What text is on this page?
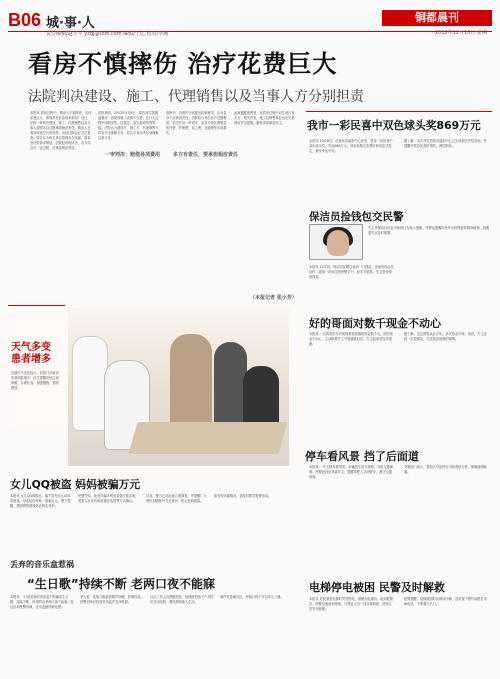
B06 城·事·人
责任编辑/赵宇平 yzgj@tom.com 编辑/王亿 校对/李湘
铜都晨刊
2012年12月10日 星期一
看房不慎摔伤 治疗花费巨大
法院判决建设、施工、代理销售以及当事人方分别担责
本报讯 看房过程中，购房人不慎摔伤，治疗花费巨大，事故责任应由谁来承担？近日，法院一审判决建设、施工、代理销售以及当事人按照各自过错承担相应责任。购房人在看房时踩空台阶受伤，后经住院治疗多次复查。原告认为相关单位管理存在疏漏，遂诉至法院请求赔偿。法院经审理认为，各方均存在一定过错，应承担相应责任。
法院查明，2012年4月8日，原告前往某楼盘看房，因现场施工设施不完善，在行走过程中摔倒受伤。经鉴定，原告构成伤残等级。法院认为建设方、施工方、代理销售方均有安全保障义务，原告自身亦未尽到谨慎注意义务。
一审判决：赔偿各项费用
庭审中，各被告分别提出抗辩意见，认为自身不应承担责任。法院综合考虑各方过错程度，依法作出一审判决，由各方按比例赔偿医疗费、护理费、误工费、交通费等各项损失。	多方有责任，要承担相应责任
此案提醒消费者，在看房过程中应注意自身安全；相关开发、施工及销售单位也应完善现场安全措施，避免类似事故发生。
（本报记者 张小芳）
我市一彩民喜中双色球头奖869万元
本报讯 10月8日，记者从市福彩中心获悉，我市一彩民喜中双色球头奖，奖金869万元。该彩民购买彩票时使用复式投注，最终幸运中奖。
据了解，本次开奖后我市福彩中心已完成相关兑奖咨询，并提醒中奖彩民及时领奖，理性购彩。
保洁员捡钱包交民警
本报讯 12月初，保洁员在路边捡到一只钱包，里面有现金及证件。她第一时间交到民警手中，经多方联系，失主很快领回钱包。
失主对保洁员拾金不昧的行为表示感谢。民警也提醒市民外出时保管好随身财物，如遇遗失应及时报警。
好的哥面对数千现金不动心
本报讯 一名的哥在车内发现乘客遗落的现金数千元，面对现金不动心，主动联系失主并将钱款归还。失主赶来后连声道谢。
据了解，这位的哥从业多年，多次拾金不昧。他说，失主丢钱一定很着急，归还是应该做的事情。
天气多变 患者增多
近期天气变化较大，医院门诊就诊患者明显增多，医生提醒市民注意保暖，合理饮食，加强锻炼，预防感冒。
女儿QQ被盗 妈妈被骗万元
本报讯 女儿QQ被盗后，骗子冒充女儿向母亲借钱，母亲轻信转账，被骗万元。警方提醒，遇到网络借钱务必核实身份。
民警介绍，此类诈骗多利用亲情关系实施，受害人应在转账前通过电话等方式确认。
目前，警方已对此案立案调查，并提醒广大网民加强账号安全意识，防止密码泄露。
如发现可疑情况，请及时拨打报警电话。
停车看风景 挡了后面道
本报讯 一车主停车看风景，车辆挡住后方道路，导致交通拥堵。民警赶到后劝离车主，提醒驾驶人文明停车，遵守交通规则。
交警部门表示，将加大对违停行为的查处力度，保障道路畅通。
丢弃的音乐盒惹祸
“生日歌”持续不断 老两口夜不能寐
本报讯 一只被丢弃的音乐盒不断播放生日歌，持续不断，吵得附近老两口夜不能寐。经社区和民警协调，音乐盒最终被处理。
老人说，连续几晚都被歌声吵醒，影响休息。民警到场后找到音乐盒并关闭电源。
社区工作人员提醒居民，处理废旧电子产品时应关闭电源，避免影响他人生活。
事件妥善解决后，老两口终于可以安心入睡。	电梯停电被困 民警及时解救
本报讯 居民乘坐电梯时突然停电，被困在电梯内。接到报警后，民警迅速赶到现场，与物业人员一同实施救援，被困人员安全脱困。
民警提醒，电梯被困时应保持冷静，及时按下警铃或拨打求助电话，不要强行扒门。
